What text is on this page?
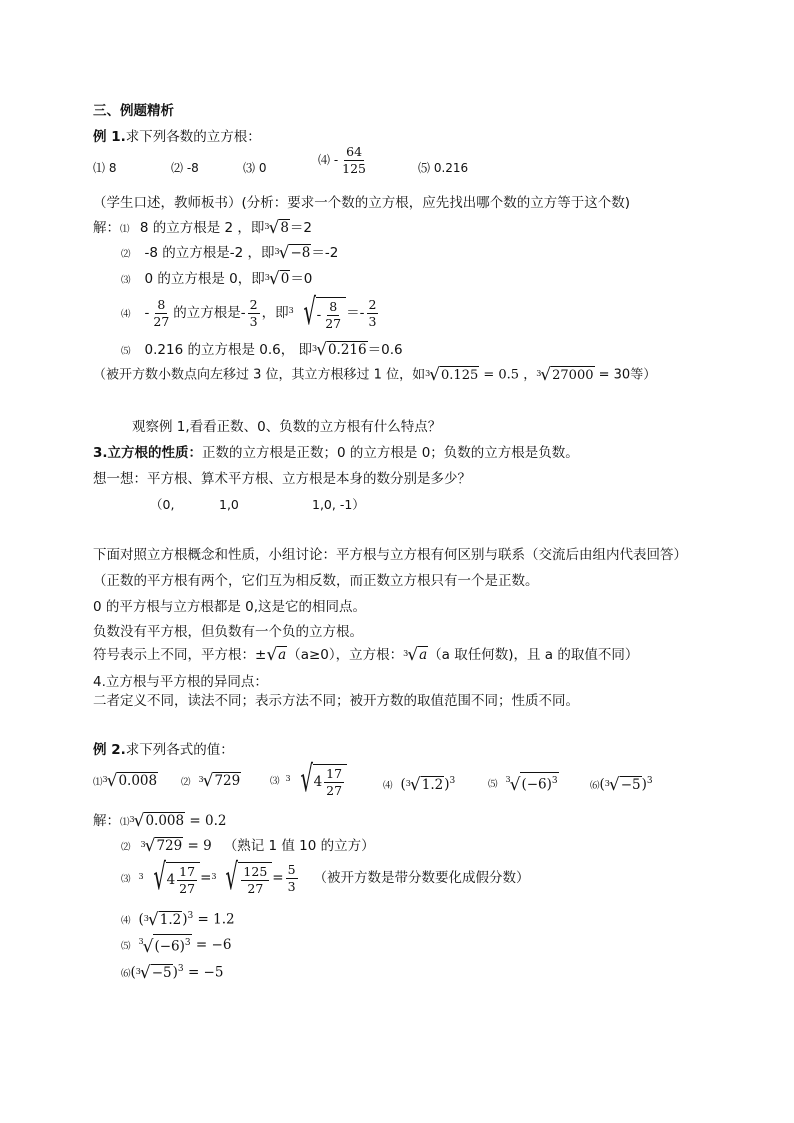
三、例题精析
例 1.求下列各数的立方根：
⑴ 8	⑵ -8	⑶ 0
⑷ - $\frac{64}{125}$	⑸ 0.216
（学生口述，教师板书）(分析：要求一个数的立方根，应先找出哪个数的立方等于这个数)
解：⑴ 8 的立方根是 2 ，即 3 √ 8 ＝2
⑵ -8 的立方根是-2 ，即 3 √ −8 ＝-2
⑶ 0 的立方根是 0，即 3 √ 0 ＝0
⑷ - $\frac{8}{27}$ 的立方根是- $\frac{2}{3}$ ，即 3 √ - $\frac{8}{27} =- \frac{2}{3}$
⑸ 0.216 的立方根是 0.6， 即 3 √ 0.216 ＝0.6
（被开方数小数点向左移过 3 位，其立方根移过 1 位，如 3 √ 0.125 = 0.5 ， 3 √ 27000 = 30等）
观察例 1,看看正数、0、负数的立方根有什么特点？
3.立方根的性质：正数的立方根是正数；0 的立方根是 0；负数的立方根是负数。
想一想：平方根、算术平方根、立方根是本身的数分别是多少？
（0,	1,0	1,0, -1）
下面对照立方根概念和性质，小组讨论：平方根与立方根有何区别与联系（交流后由组内代表回答）
（正数的平方根有两个，它们互为相反数，而正数立方根只有一个是正数。
0 的平方根与立方根都是 0,这是它的相同点。
负数没有平方根，但负数有一个负的立方根。
符号表示上不同，平方根：± √ a （a≥0），立方根： 3 √ a （a 取任何数)，且 a 的取值不同）
4.立方根与平方根的异同点：
二者定义不同，读法不同；表示方法不同；被开方数的取值范围不同；性质不同。
例 2.求下列各式的值：
⑴ 3 √ 0.008	⑵ 3 √ 729	⑶ 3 √ $4 \frac{17}{27}$	⑷ ( 3 √ 1.2 )$^3$	⑸ 3 √ $(-6)^3$	⑹( 3 √ −5 )$^3$
解：⑴ 3 √ 0.008 = 0.2
⑵ 3 √ 729 = 9 （熟记 1 值 10 的立方）
⑶ 3 √ $4 \frac{17}{27} = 3$ √ $\frac{125}{27} = \frac{5}{3}$ （被开方数是带分数要化成假分数）
⑷ ( 3 √ 1.2 )$^3$ = 1.2
⑸ 3 √ $(-6)^3 = -6$
⑹( 3 √ −5 )$^3$ = −5
